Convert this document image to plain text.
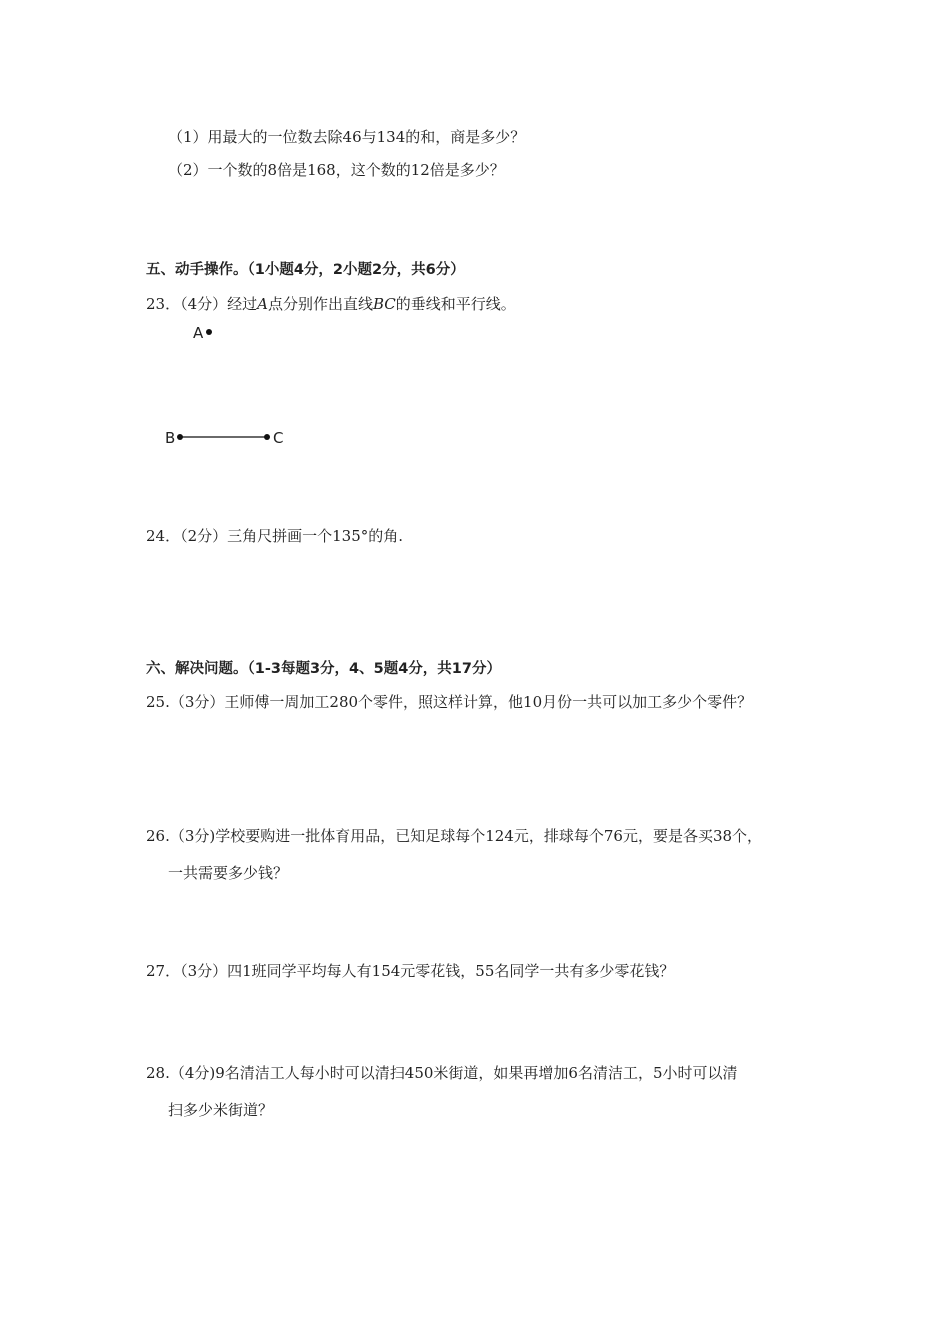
（1）用最大的一位数去除46与134的和，商是多少？
（2）一个数的8倍是168，这个数的12倍是多少？
五、动手操作。（1小题4分，2小题2分，共6分）
23．（4分）经过A点分别作出直线BC的垂线和平行线。
A
B	C
24．（2分）三角尺拼画一个135°的角.
六、解决问题。（1-3每题3分，4、5题4分，共17分）
25.（3分）王师傅一周加工280个零件，照这样计算，他10月份一共可以加工多少个零件？
26.（3分)学校要购进一批体育用品，已知足球每个124元，排球每个76元，要是各买38个，
一共需要多少钱？
27．（3分）四1班同学平均每人有154元零花钱，55名同学一共有多少零花钱？
28.（4分)9名清洁工人每小时可以清扫450米街道，如果再增加6名清洁工，5小时可以清
扫多少米街道？
